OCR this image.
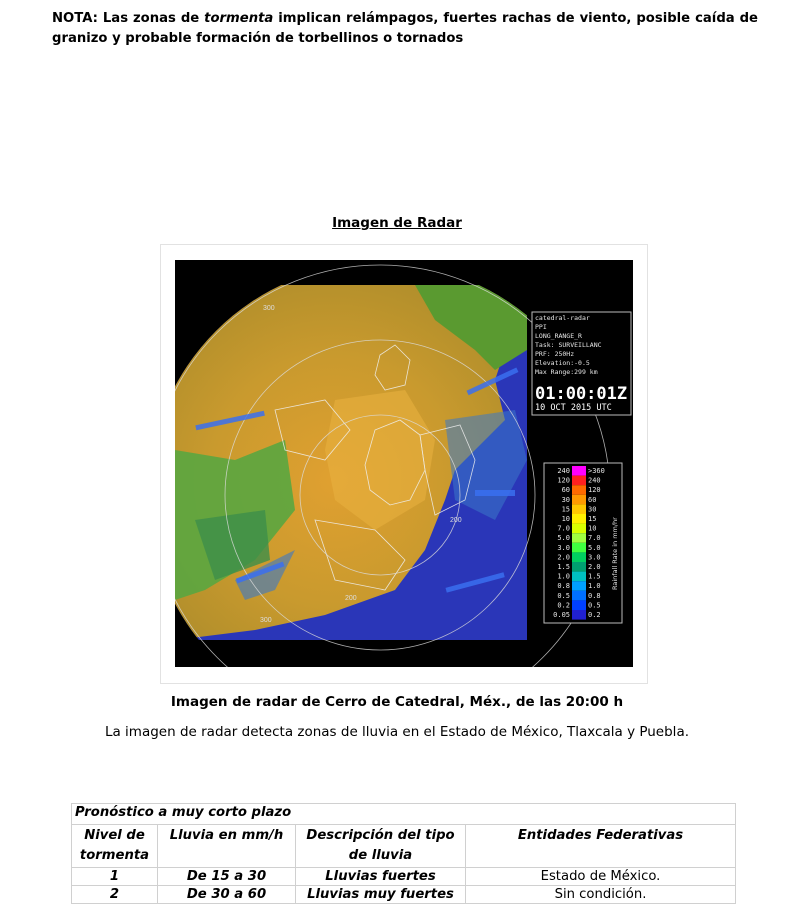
NOTA: Las zonas de tormenta implican relámpagos, fuertes rachas de viento, posible caída de granizo y probable formación de torbellinos o tornados
Imagen de Radar
300
200
200
300
catedral-radar
PPI
LONG_RANGE_R
Task: SURVEILLANC
PRF: 250Hz
Elevation:-0.5
Max Range:299 km
01:00:01Z
10 OCT 2015 UTC
240	>360
120	240
60	120
30	60
15	30
10	15
7.0	10
5.0	7.0
3.0	5.0
2.0	3.0
1.5	2.0
1.0	1.5
0.8	1.0
0.5	0.8
0.2	0.5
0.05	0.2
Rainfall Rate in mm/hr
Imagen de radar de Cerro de Catedral, Méx., de las 20:00 h
La imagen de radar detecta zonas de lluvia en el Estado de México, Tlaxcala y Puebla.
Pronóstico a muy corto plazo			
Nivel de tormenta	Lluvia en mm/h	Descripción del tipo de lluvia	Entidades Federativas
1	De 15 a 30	Lluvias fuertes	Estado de México.
2	De 30 a 60	Lluvias muy fuertes	Sin condición.
